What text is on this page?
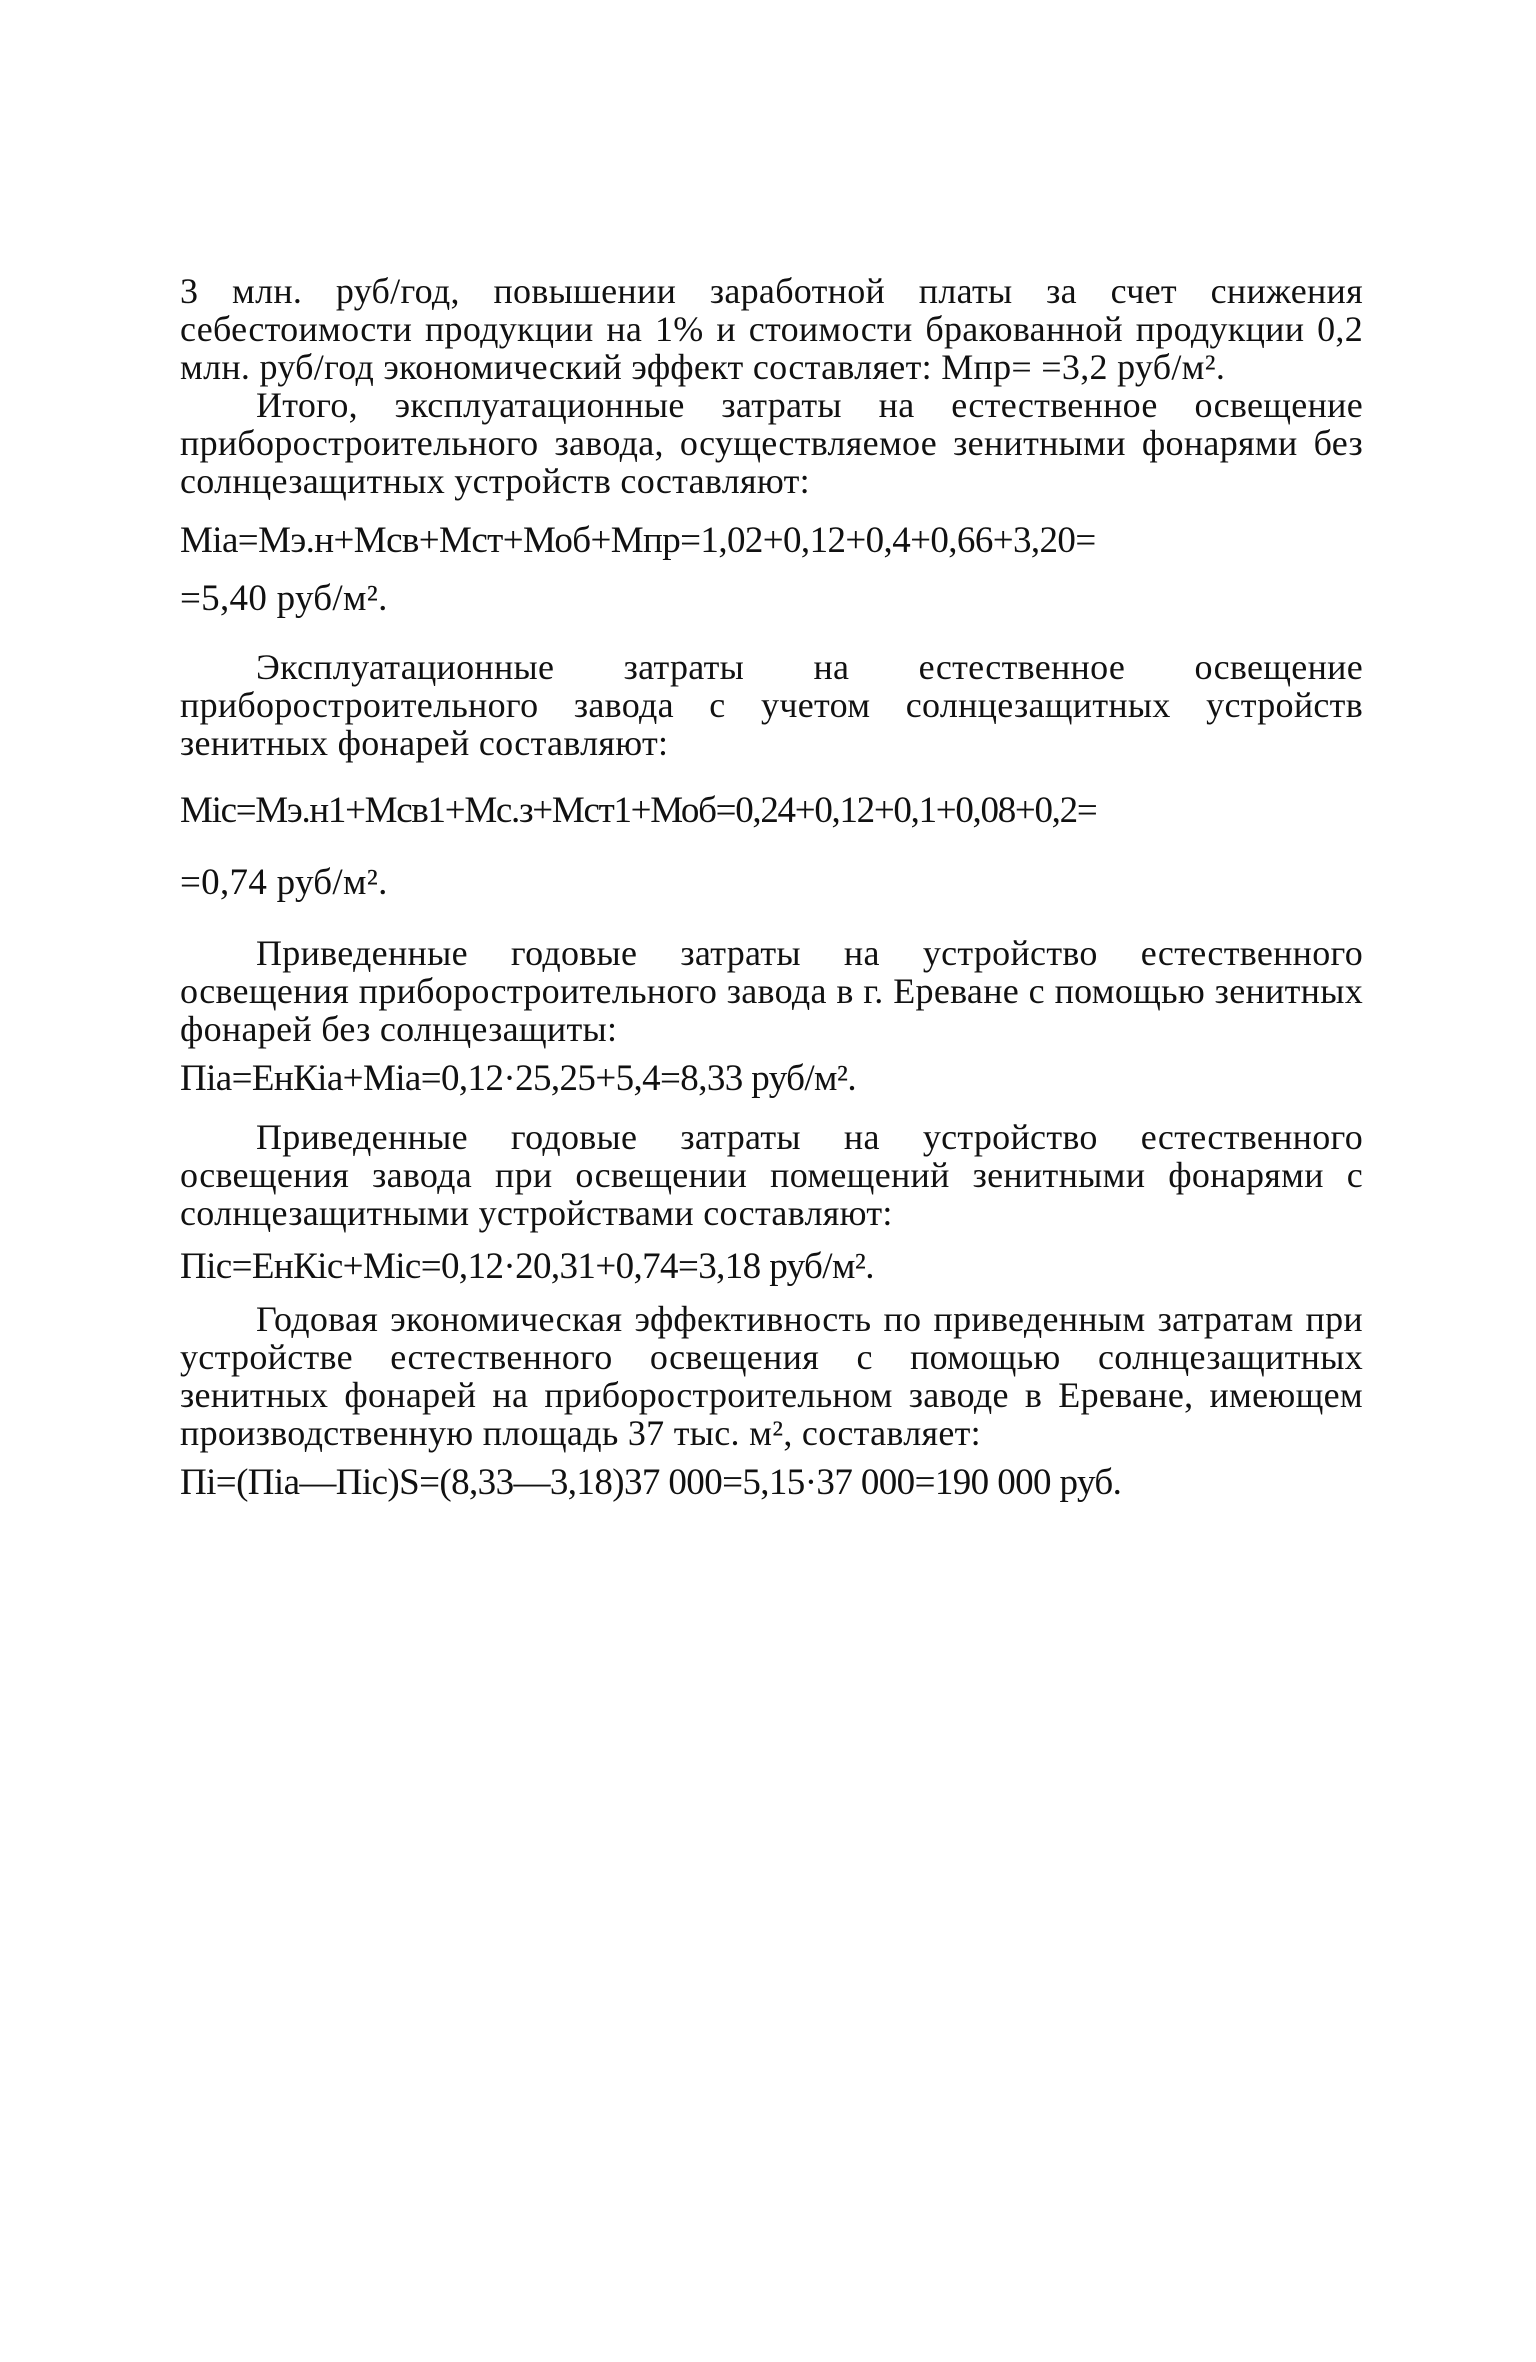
3 млн. руб/год, повышении заработной платы за счет снижения себестоимости продукции на 1% и стоимости бракованной продукции 0,2 млн. руб/год экономический эффект составляет: Мпр= =3,2 руб/м².

Итого, эксплуатационные затраты на естественное освещение приборостроительного завода, осуществляемое зенитными фонарями без солнцезащитных устройств составляют:

Мia=Мэ.н+Мсв+Мст+Моб+Мпр=1,02+0,12+0,4+0,66+3,20=

=5,40 руб/м².

Эксплуатационные затраты на естественное освещение приборостроительного завода с учетом солнцезащитных устройств зенитных фонарей составляют:

Мic=Мэ.н1+Мсв1+Мс.з+Мст1+Моб=0,24+0,12+0,1+0,08+0,2=

=0,74 руб/м².

Приведенные годовые затраты на устройство естественного освещения приборостроительного завода в г. Ереване с помощью зенитных фонарей без солнцезащиты:

Пia=ЕнКia+Мia=0,12·25,25+5,4=8,33 руб/м².

Приведенные годовые затраты на устройство естественного освещения завода при освещении помещений зенитными фонарями с солнцезащитными устройствами составляют:

Пic=ЕнКic+Мic=0,12·20,31+0,74=3,18 руб/м².

Годовая экономическая эффективность по приведенным затратам при устройстве естественного освещения с помощью солнцезащитных зенитных фонарей на приборостроительном заводе в Ереване, имеющем производственную площадь 37 тыс. м², составляет:

Пi=(Пia—Пic)S=(8,33—3,18)37 000=5,15·37 000=190 000 руб.
